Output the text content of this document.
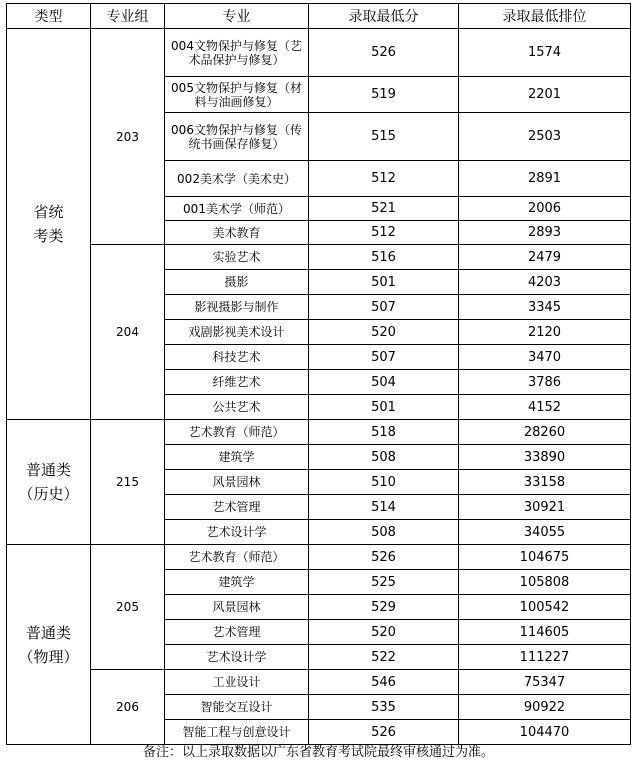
类型	专业组	专业	录取最低分	录取最低排位
省统
考类	203	004文物保护与修复（艺术品保护与修复）	526	1574
		005文物保护与修复（材料与油画修复）	519	2201
		006文物保护与修复（传统书画保存修复）	515	2503
		002美术学（美术史）	512	2891
		001美术学（师范）	521	2006
		美术教育	512	2893
	204	实验艺术	516	2479
		摄影	501	4203
		影视摄影与制作	507	3345
		戏剧影视美术设计	520	2120
		科技艺术	507	3470
		纤维艺术	504	3786
		公共艺术	501	4152
普通类
（历史）	215	艺术教育（师范）	518	28260
		建筑学	508	33890
		风景园林	510	33158
		艺术管理	514	30921
		艺术设计学	508	34055
普通类
（物理）	205	艺术教育（师范）	526	104675
		建筑学	525	105808
		风景园林	529	100542
		艺术管理	520	114605
		艺术设计学	522	111227
	206	工业设计	546	75347
		智能交互设计	535	90922
		智能工程与创意设计	526	104470
备注：以上录取数据以广东省教育考试院最终审核通过为准。
